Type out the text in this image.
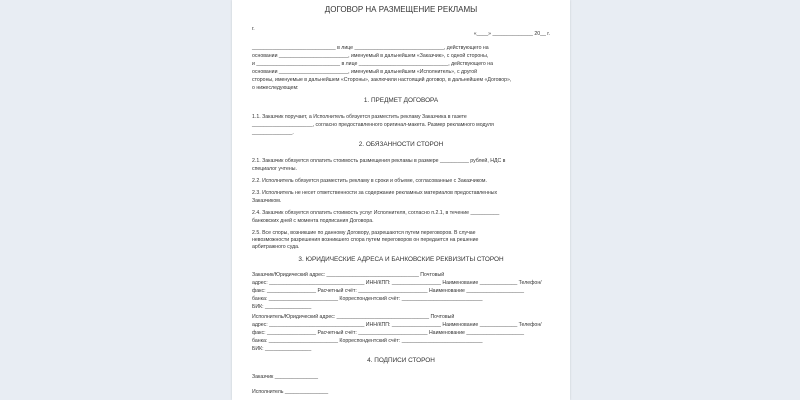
ДОГОВОР НА РАЗМЕЩЕНИЕ РЕКЛАМЫ
г.
«____» ______________ 20__ г.
_____________________________ в лице _______________________________, действующего на
основании ________________________, именуемый в дальнейшем «Заказчик», с одной стороны,
и _____________________________ в лице _______________________________, действующего на
основании ________________________, именуемый в дальнейшем «Исполнитель», с другой
стороны, именуемые в дальнейшем «Стороны», заключили настоящий договор, в дальнейшем «Договор»,
о нижеследующем:
1. ПРЕДМЕТ ДОГОВОРА
1.1. Заказчик поручает, а Исполнитель обязуется разместить рекламу Заказчика в газете
_____________________, согласно предоставленного оригинал-макета. Размер рекламного модуля
______________.
2. ОБЯЗАННОСТИ СТОРОН
2.1. Заказчик обязуется оплатить стоимость размещения рекламы в размере __________ рублей, НДС в
специалог учтены.
2.2. Исполнитель обязуется разместить рекламу в сроки и объеме, согласованные с Заказчиком.
2.3. Исполнитель не несет ответственности за содержание рекламных материалов предоставленных
Заказчиком.
2.4. Заказчик обязуется оплатить стоимость услуг Исполнителя, согласно п.2.1, в течение __________
банковских дней с момента подписания Договора.
2.5. Все споры, возникшие по данному Договору, разрешаются путем переговоров. В случае
невозможности разрешения возникшего спора путем переговоров он передается на решение
арбитражного суда.
3. ЮРИДИЧЕСКИЕ АДРЕСА И БАНКОВСКИЕ РЕКВИЗИТЫ СТОРОН
Заказчик/Юридический адрес: ________________________________ Почтовый
адрес: _________________________________ ИНН/КПП: _________________ Наименование _____________ Телефон/
факс: _________________ Расчетный счёт: ________________________ Наименование ____________________
банка: ________________________ Корреспондентский счёт: ____________________________
БИК: ________________
Исполнитель/Юридический адрес: ________________________________ Почтовый
адрес: _________________________________ ИНН/КПП: _________________ Наименование _____________ Телефон/
факс: _________________ Расчетный счёт: ________________________ Наименование ____________________
банка: ________________________ Корреспондентский счёт: ____________________________
БИК: ________________
4. ПОДПИСИ СТОРОН
Заказчик _______________
Исполнитель _______________
